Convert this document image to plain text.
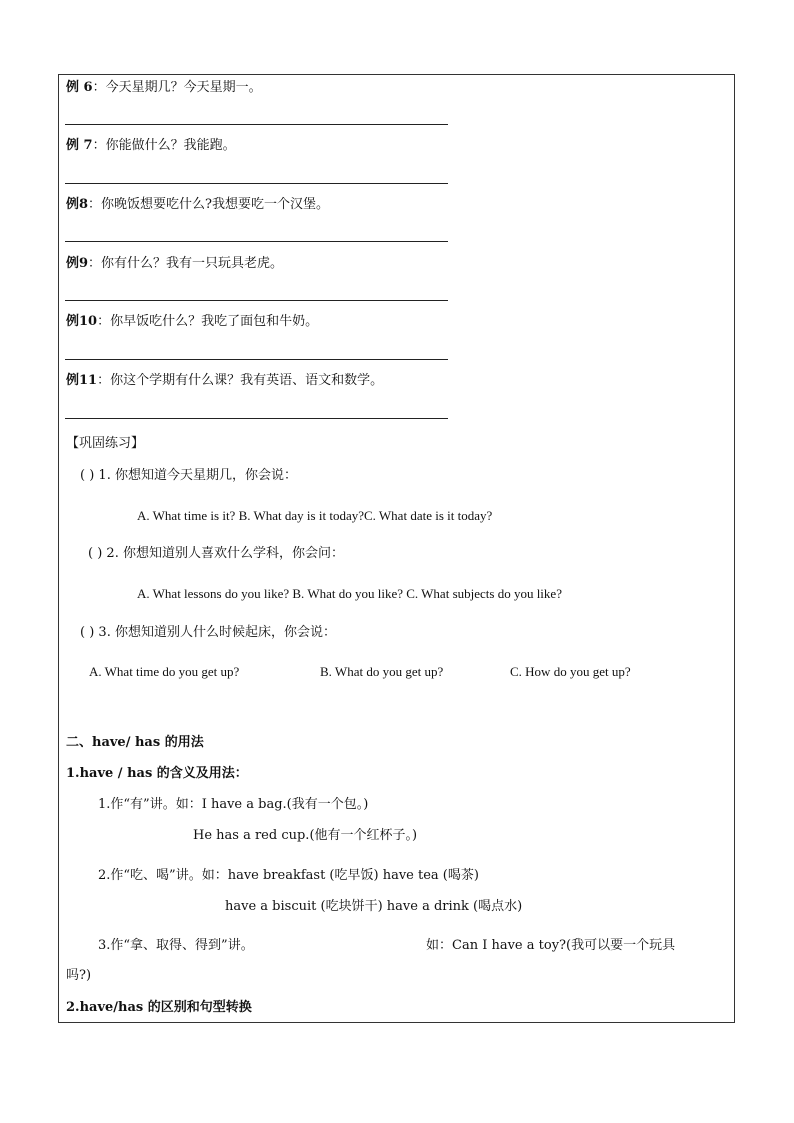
例 6：今天星期几？今天星期一。
例 7：你能做什么？我能跑。
例8：你晚饭想要吃什么?我想要吃一个汉堡。
例9：你有什么？我有一只玩具老虎。
例10：你早饭吃什么？我吃了面包和牛奶。
例11：你这个学期有什么课？我有英语、语文和数学。
【巩固练习】
( ) 1. 你想知道今天星期几，你会说：
A. What time is it? B. What day is it today?C. What date is it today?
( ) 2. 你想知道别人喜欢什么学科，你会问：
A. What lessons do you like? B. What do you like? C. What subjects do you like?
( ) 3. 你想知道别人什么时候起床，你会说：
A. What time do you get up?	B. What do you get up?	C. How do you get up?
二、have/ has 的用法
1.have / has 的含义及用法：
1.作“有”讲。如：I have a bag.(我有一个包。)
He has a red cup.(他有一个红杯子。)
2.作“吃、喝”讲。如：have breakfast (吃早饭) have tea (喝茶)
have a biscuit (吃块饼干) have a drink (喝点水)
3.作“拿、取得、得到”讲。	如：Can I have a toy?(我可以要一个玩具
吗?)
2.have/has 的区别和句型转换
